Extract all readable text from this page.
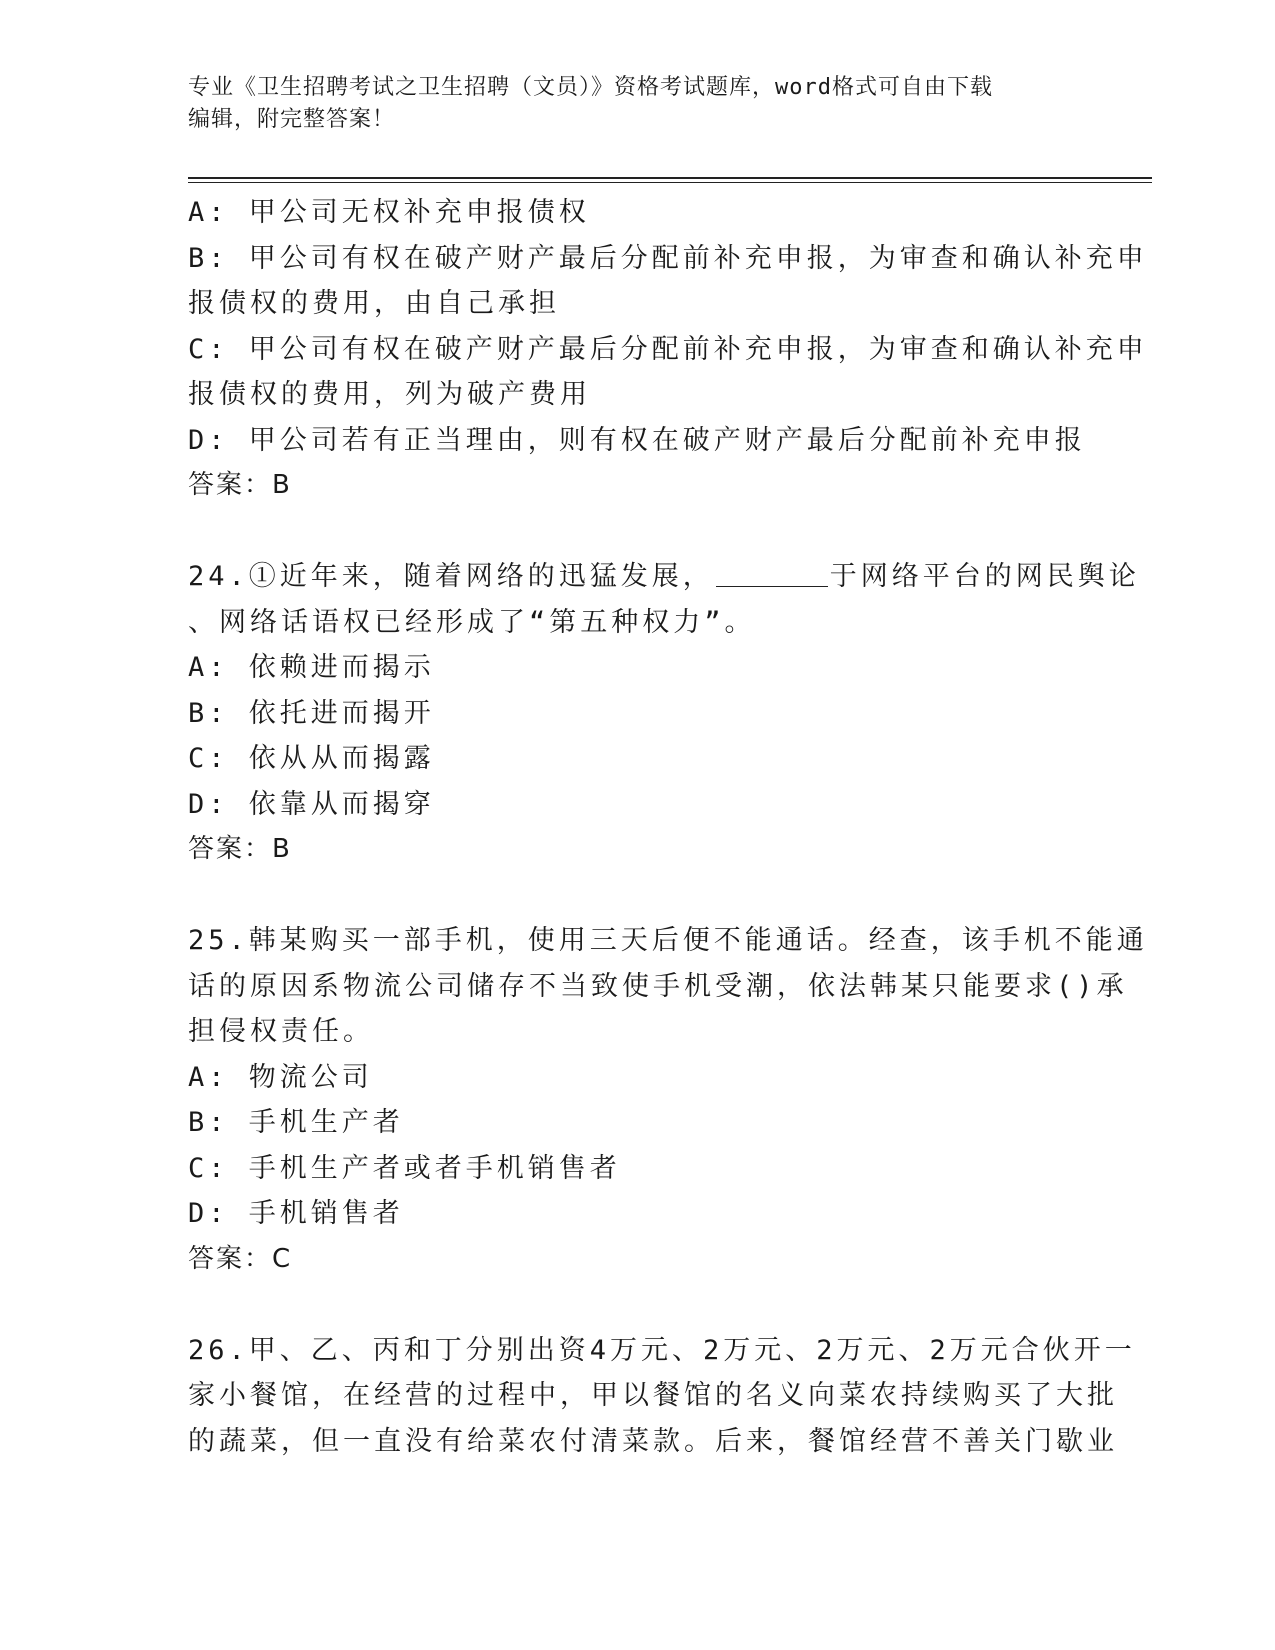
专业《卫生招聘考试之卫生招聘（文员）》资格考试题库，word格式可自由下载
编辑，附完整答案！
A: 甲公司无权补充申报债权
B: 甲公司有权在破产财产最后分配前补充申报，为审查和确认补充申
报债权的费用，由自己承担
C: 甲公司有权在破产财产最后分配前补充申报，为审查和确认补充申
报债权的费用，列为破产费用
D: 甲公司若有正当理由，则有权在破产财产最后分配前补充申报
答案：B
24.①近年来，随着网络的迅猛发展，	于网络平台的网民舆论
、网络话语权已经形成了“第五种权力”。
A: 依赖进而揭示
B: 依托进而揭开
C: 依从从而揭露
D: 依靠从而揭穿
答案：B
25.韩某购买一部手机，使用三天后便不能通话。经查，该手机不能通
话的原因系物流公司储存不当致使手机受潮，依法韩某只能要求()承
担侵权责任。
A: 物流公司
B: 手机生产者
C: 手机生产者或者手机销售者
D: 手机销售者
答案：C
26.甲、乙、丙和丁分别出资4万元、2万元、2万元、2万元合伙开一
家小餐馆，在经营的过程中，甲以餐馆的名义向菜农持续购买了大批
的蔬菜，但一直没有给菜农付清菜款。后来，餐馆经营不善关门歇业
